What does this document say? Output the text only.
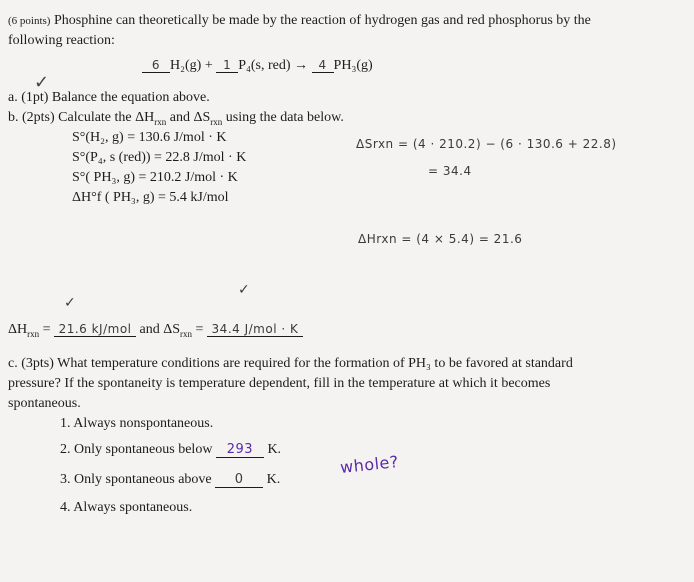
(6 points) Phosphine can theoretically be made by the reaction of hydrogen gas and red phosphorus by the
following reaction:
6 H₂(g) + 1 P₄(s, red) → 4 PH₃(g)
✓
a. (1pt) Balance the equation above.
b. (2pts) Calculate the $\Delta H_{rxn}$ and $\Delta S_{rxn}$ using the data below.
S°(H₂, g) = 130.6 J/mol · K
S°(P₄, s (red)) = 22.8 J/mol · K
S°( PH₃, g) = 210.2 J/mol · K
ΔH°f ( PH₃, g) = 5.4 kJ/mol
ΔSrxn = (4 · 210.2) − (6 · 130.6 + 22.8)
= 34.4
ΔHrxn = (4 × 5.4) = 21.6
✓
✓
$\Delta H_{rxn} = 21.6$ kJ/mol and $\Delta S_{rxn} = 34.4$ J/mol · K
c. (3pts) What temperature conditions are required for the formation of PH₃ to be favored at standard
pressure? If the spontaneity is temperature dependent, fill in the temperature at which it becomes
spontaneous.
1. Always nonspontaneous.
2. Only spontaneous below 293 K.
3. Only spontaneous above 0 K.
whole?
4. Always spontaneous.
